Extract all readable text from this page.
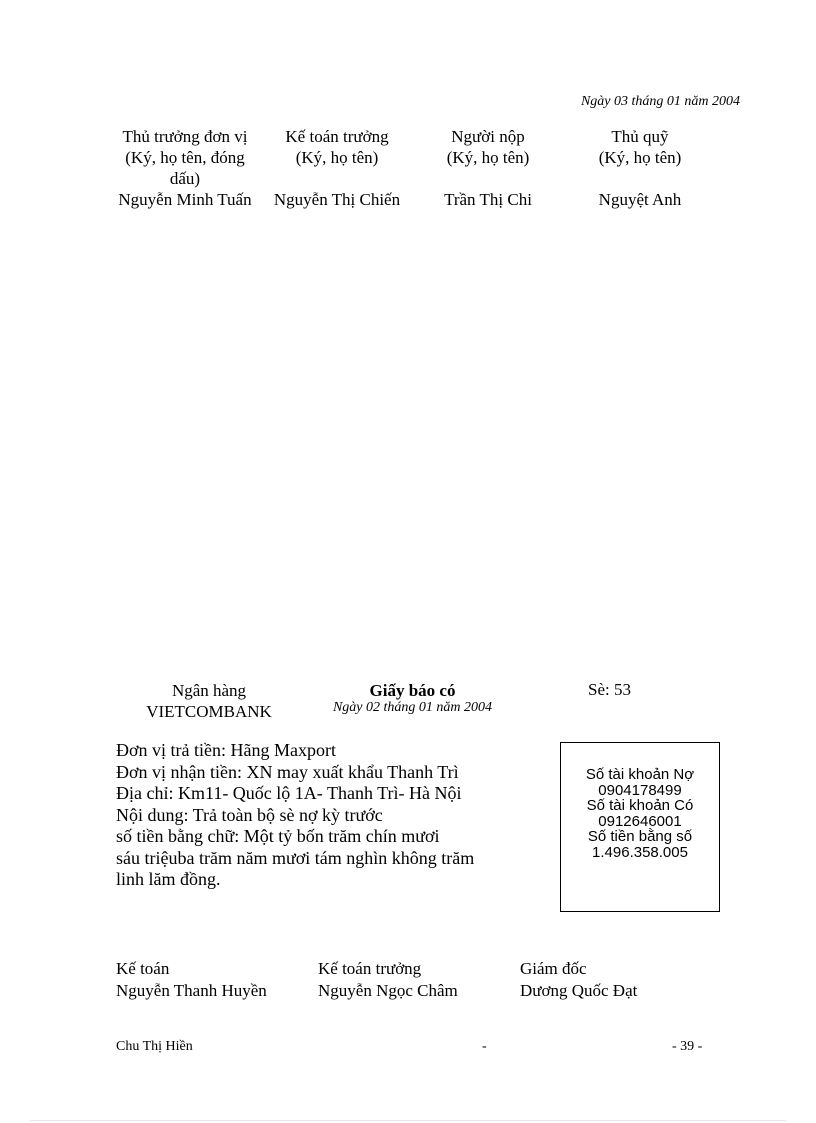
Ngày 03 tháng 01 năm 2004
Thủ trưởng đơn vị
(Ký, họ tên, đóng dấu)
Nguyễn Minh Tuấn
Kế toán trưởng
(Ký, họ tên)
Nguyễn Thị Chiến
Người nộp
(Ký, họ tên)
Trần Thị Chi
Thủ quỹ
(Ký, họ tên)
Nguyệt Anh
Ngân hàng
VIETCOMBANK
Giấy báo có
Ngày 02 tháng 01 năm 2004
Sè: 53
Đơn vị trả tiền: Hãng Maxport
Đơn vị nhận tiền: XN may xuất khẩu Thanh Trì
Địa chỉ: Km11- Quốc lộ 1A- Thanh Trì- Hà Nội
Nội dung: Trả toàn bộ sè nợ kỳ trước
số tiền bằng chữ: Một tỷ bốn trăm chín mươi
sáu triệuba trăm năm mươi tám nghìn không trăm
linh lăm đồng.
Số tài khoản Nợ
0904178499
Số tài khoản Có
0912646001
Số tiền bằng số
1.496.358.005
Kế toán
Nguyễn Thanh Huyền
Kế toán trưởng
Nguyễn Ngọc Châm
Giám đốc
Dương Quốc Đạt
Chu Thị Hiền	-	- 39 -
